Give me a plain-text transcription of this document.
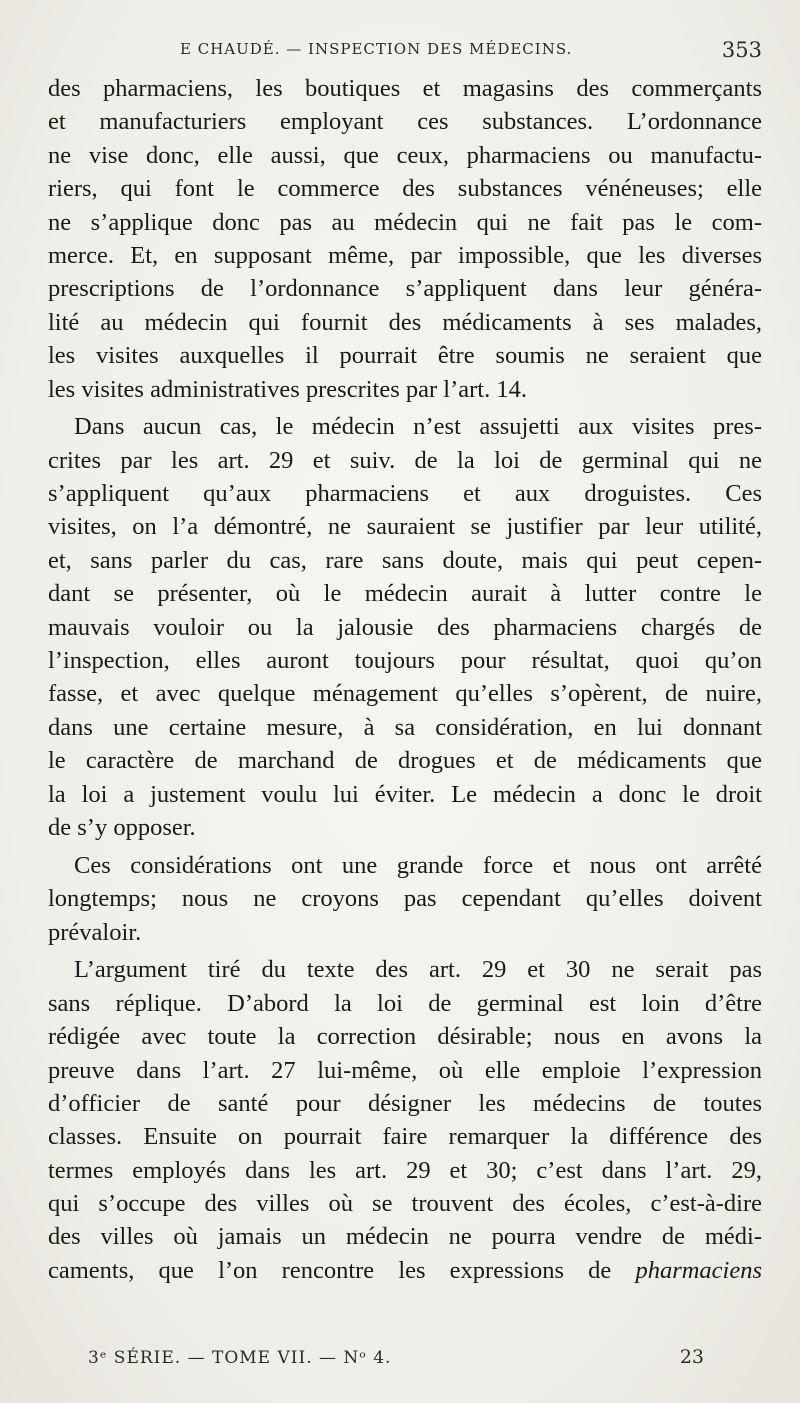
E CHAUDÉ. — INSPECTION DES MÉDECINS.	353

des pharmaciens, les boutiques et magasins des commerçants
et manufacturiers employant ces substances. L’ordonnance
ne vise donc, elle aussi, que ceux, pharmaciens ou manufactu-
riers, qui font le commerce des substances vénéneuses; elle
ne s’applique donc pas au médecin qui ne fait pas le com-
merce. Et, en supposant même, par impossible, que les diverses
prescriptions de l’ordonnance s’appliquent dans leur généra-
lité au médecin qui fournit des médicaments à ses malades,
les visites auxquelles il pourrait être soumis ne seraient que
les visites administratives prescrites par l’art. 14.

Dans aucun cas, le médecin n’est assujetti aux visites pres-
crites par les art. 29 et suiv. de la loi de germinal qui ne
s’appliquent qu’aux pharmaciens et aux droguistes. Ces
visites, on l’a démontré, ne sauraient se justifier par leur utilité,
et, sans parler du cas, rare sans doute, mais qui peut cepen-
dant se présenter, où le médecin aurait à lutter contre le
mauvais vouloir ou la jalousie des pharmaciens chargés de
l’inspection, elles auront toujours pour résultat, quoi qu’on
fasse, et avec quelque ménagement qu’elles s’opèrent, de nuire,
dans une certaine mesure, à sa considération, en lui donnant
le caractère de marchand de drogues et de médicaments que
la loi a justement voulu lui éviter. Le médecin a donc le droit
de s’y opposer.

Ces considérations ont une grande force et nous ont arrêté
longtemps; nous ne croyons pas cependant qu’elles doivent
prévaloir.

L’argument tiré du texte des art. 29 et 30 ne serait pas
sans réplique. D’abord la loi de germinal est loin d’être
rédigée avec toute la correction désirable; nous en avons la
preuve dans l’art. 27 lui-même, où elle emploie l’expression
d’officier de santé pour désigner les médecins de toutes
classes. Ensuite on pourrait faire remarquer la différence des
termes employés dans les art. 29 et 30; c’est dans l’art. 29,
qui s’occupe des villes où se trouvent des écoles, c’est-à-dire
des villes où jamais un médecin ne pourra vendre de médi-
caments, que l’on rencontre les expressions de pharmaciens

3ᵉ SÉRIE. — TOME VII. — Nᵒ 4.	23
